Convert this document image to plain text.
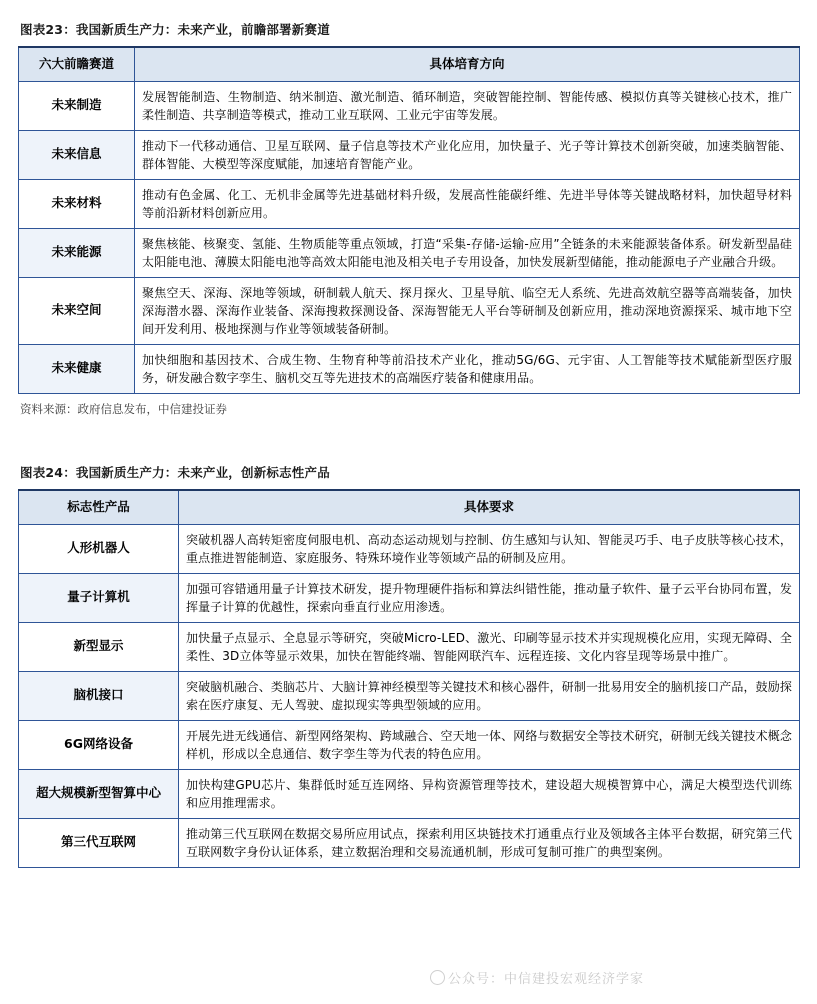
图表23：我国新质生产力：未来产业，前瞻部署新赛道
六大前瞻赛道	具体培育方向
未来制造	发展智能制造、生物制造、纳米制造、激光制造、循环制造，突破智能控制、智能传感、模拟仿真等关键核心技术，推广柔性制造、共享制造等模式，推动工业互联网、工业元宇宙等发展。
未来信息	推动下一代移动通信、卫星互联网、量子信息等技术产业化应用，加快量子、光子等计算技术创新突破，加速类脑智能、群体智能、大模型等深度赋能，加速培育智能产业。
未来材料	推动有色金属、化工、无机非金属等先进基础材料升级，发展高性能碳纤维、先进半导体等关键战略材料，加快超导材料等前沿新材料创新应用。
未来能源	聚焦核能、核聚变、氢能、生物质能等重点领域，打造“采集-存储-运输-应用”全链条的未来能源装备体系。研发新型晶硅太阳能电池、薄膜太阳能电池等高效太阳能电池及相关电子专用设备，加快发展新型储能，推动能源电子产业融合升级。
未来空间	聚焦空天、深海、深地等领域，研制载人航天、探月探火、卫星导航、临空无人系统、先进高效航空器等高端装备，加快深海潜水器、深海作业装备、深海搜救探测设备、深海智能无人平台等研制及创新应用，推动深地资源探采、城市地下空间开发利用、极地探测与作业等领域装备研制。
未来健康	加快细胞和基因技术、合成生物、生物育种等前沿技术产业化，推动5G/6G、元宇宙、人工智能等技术赋能新型医疗服务，研发融合数字孪生、脑机交互等先进技术的高端医疗装备和健康用品。
资料来源：政府信息发布，中信建投证券
图表24：我国新质生产力：未来产业，创新标志性产品
标志性产品	具体要求
人形机器人	突破机器人高转矩密度伺服电机、高动态运动规划与控制、仿生感知与认知、智能灵巧手、电子皮肤等核心技术，重点推进智能制造、家庭服务、特殊环境作业等领域产品的研制及应用。
量子计算机	加强可容错通用量子计算技术研发，提升物理硬件指标和算法纠错性能，推动量子软件、量子云平台协同布置，发挥量子计算的优越性，探索向垂直行业应用渗透。
新型显示	加快量子点显示、全息显示等研究，突破Micro-LED、激光、印刷等显示技术并实现规模化应用，实现无障碍、全柔性、3D立体等显示效果，加快在智能终端、智能网联汽车、远程连接、文化内容呈现等场景中推广。
脑机接口	突破脑机融合、类脑芯片、大脑计算神经模型等关键技术和核心器件，研制一批易用安全的脑机接口产品，鼓励探索在医疗康复、无人驾驶、虚拟现实等典型领域的应用。
6G网络设备	开展先进无线通信、新型网络架构、跨域融合、空天地一体、网络与数据安全等技术研究，研制无线关键技术概念样机，形成以全息通信、数字孪生等为代表的特色应用。
超大规模新型智算中心	加快构建GPU芯片、集群低时延互连网络、异构资源管理等技术，建设超大规模智算中心，满足大模型迭代训练和应用推理需求。
第三代互联网	推动第三代互联网在数据交易所应用试点，探索利用区块链技术打通重点行业及领域各主体平台数据，研究第三代互联网数字身份认证体系，建立数据治理和交易流通机制，形成可复制可推广的典型案例。
公众号：中信建投宏观经济学家
